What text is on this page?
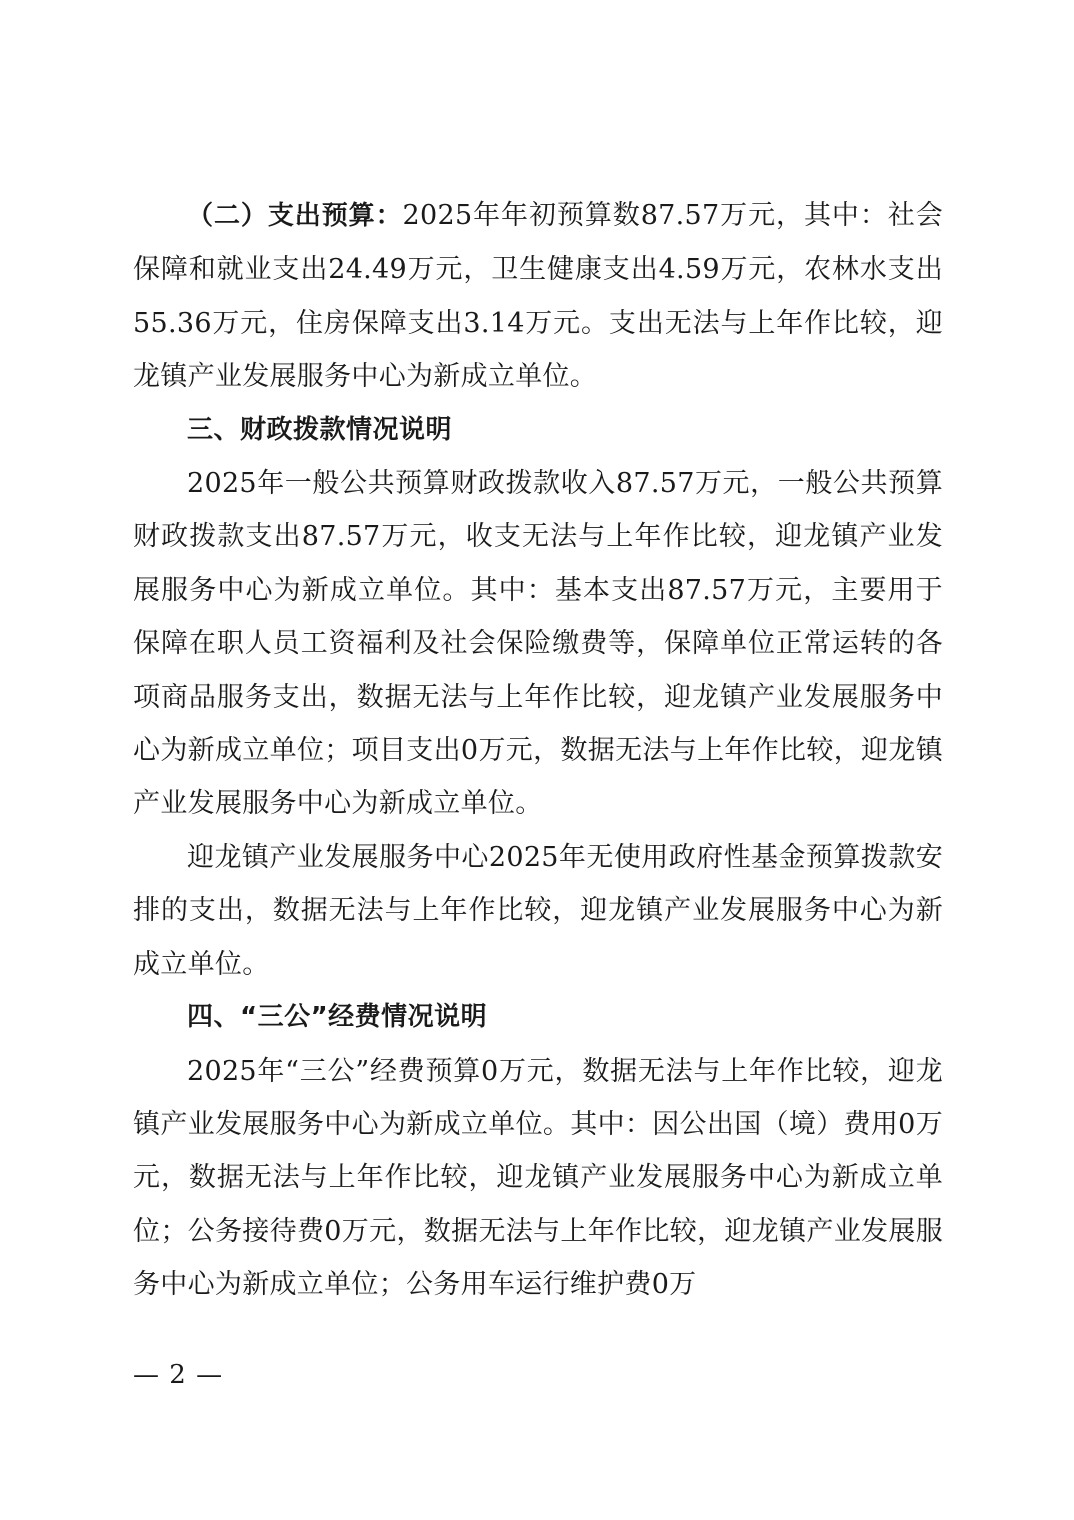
（二）支出预算：2025年年初预算数87.57万元，其中：社会保障和就业支出24.49万元，卫生健康支出4.59万元，农林水支出55.36万元，住房保障支出3.14万元。支出无法与上年作比较，迎龙镇产业发展服务中心为新成立单位。

三、财政拨款情况说明

2025年一般公共预算财政拨款收入87.57万元，一般公共预算财政拨款支出87.57万元，收支无法与上年作比较，迎龙镇产业发展服务中心为新成立单位。其中：基本支出87.57万元，主要用于保障在职人员工资福利及社会保险缴费等，保障单位正常运转的各项商品服务支出，数据无法与上年作比较，迎龙镇产业发展服务中心为新成立单位；项目支出0万元，数据无法与上年作比较，迎龙镇产业发展服务中心为新成立单位。

迎龙镇产业发展服务中心2025年无使用政府性基金预算拨款安排的支出，数据无法与上年作比较，迎龙镇产业发展服务中心为新成立单位。

四、“三公”经费情况说明

2025年“三公”经费预算0万元，数据无法与上年作比较，迎龙镇产业发展服务中心为新成立单位。其中：因公出国（境）费用0万元，数据无法与上年作比较，迎龙镇产业发展服务中心为新成立单位；公务接待费0万元，数据无法与上年作比较，迎龙镇产业发展服务中心为新成立单位；公务用车运行维护费0万

— 2 —
